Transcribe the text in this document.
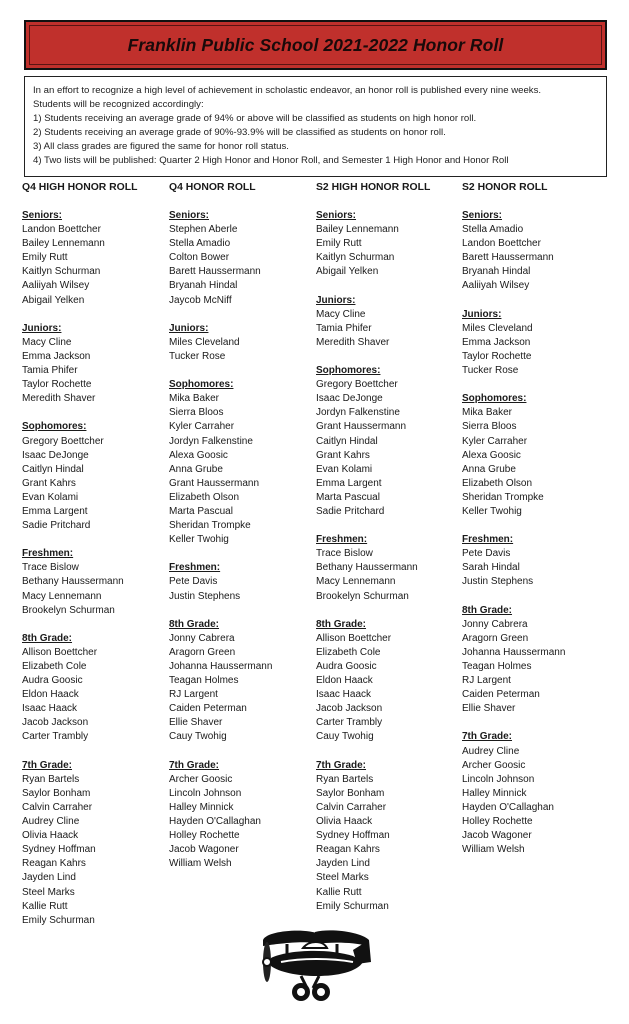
Franklin Public School 2021-2022 Honor Roll

In an effort to recognize a high level of achievement in scholastic endeavor, an honor roll is published every nine weeks.

Students will be recognized accordingly:

1) Students receiving an average grade of 94% or above will be classified as students on high honor roll.

2) Students receiving an average grade of 90%-93.9% will be classified as students on honor roll.

3) All class grades are figured the same for honor roll status.

4) Two lists will be published: Quarter 2 High Honor and Honor Roll, and Semester 1 High Honor and Honor Roll

Q4 HIGH HONOR ROLL
Seniors:
Landon Boettcher
Bailey Lennemann
Emily Rutt
Kaitlyn Schurman
Aaliiyah Wilsey
Abigail Yelken
Juniors:
Macy Cline
Emma Jackson
Tamia Phifer
Taylor Rochette
Meredith Shaver
Sophomores:
Gregory Boettcher
Isaac DeJonge
Caitlyn Hindal
Grant Kahrs
Evan Kolami
Emma Largent
Sadie Pritchard
Freshmen:
Trace Bislow
Bethany Haussermann
Macy Lennemann
Brookelyn Schurman
8th Grade:
Allison Boettcher
Elizabeth Cole
Audra Goosic
Eldon Haack
Isaac Haack
Jacob Jackson
Carter Trambly
7th Grade:
Ryan Bartels
Saylor Bonham
Calvin Carraher
Audrey Cline
Olivia Haack
Sydney Hoffman
Reagan Kahrs
Jayden Lind
Steel Marks
Kallie Rutt
Emily Schurman
Q4 HONOR ROLL
Seniors:
Stephen Aberle
Stella Amadio
Colton Bower
Barett Haussermann
Bryanah Hindal
Jaycob McNiff
Juniors:
Miles Cleveland
Tucker Rose
Sophomores:
Mika Baker
Sierra Bloos
Kyler Carraher
Jordyn Falkenstine
Alexa Goosic
Anna Grube
Grant Haussermann
Elizabeth Olson
Marta Pascual
Sheridan Trompke
Keller Twohig
Freshmen:
Pete Davis
Justin Stephens
8th Grade:
Jonny Cabrera
Aragorn Green
Johanna Haussermann
Teagan Holmes
RJ Largent
Caiden Peterman
Ellie Shaver
Cauy Twohig
7th Grade:
Archer Goosic
Lincoln Johnson
Halley Minnick
Hayden O'Callaghan
Holley Rochette
Jacob Wagoner
William Welsh
S2 HIGH HONOR ROLL
Seniors:
Bailey Lennemann
Emily Rutt
Kaitlyn Schurman
Abigail Yelken
Juniors:
Macy Cline
Tamia Phifer
Meredith Shaver
Sophomores:
Gregory Boettcher
Isaac DeJonge
Jordyn Falkenstine
Grant Haussermann
Caitlyn Hindal
Grant Kahrs
Evan Kolami
Emma Largent
Marta Pascual
Sadie Pritchard
Freshmen:
Trace Bislow
Bethany Haussermann
Macy Lennemann
Brookelyn Schurman
8th Grade:
Allison Boettcher
Elizabeth Cole
Audra Goosic
Eldon Haack
Isaac Haack
Jacob Jackson
Carter Trambly
Cauy Twohig
7th Grade:
Ryan Bartels
Saylor Bonham
Calvin Carraher
Olivia Haack
Sydney Hoffman
Reagan Kahrs
Jayden Lind
Steel Marks
Kallie Rutt
Emily Schurman
S2 HONOR ROLL
Seniors:
Stella Amadio
Landon Boettcher
Barett Haussermann
Bryanah Hindal
Aaliiyah Wilsey
Juniors:
Miles Cleveland
Emma Jackson
Taylor Rochette
Tucker Rose
Sophomores:
Mika Baker
Sierra Bloos
Kyler Carraher
Alexa Goosic
Anna Grube
Elizabeth Olson
Sheridan Trompke
Keller Twohig
Freshmen:
Pete Davis
Sarah Hindal
Justin Stephens
8th Grade:
Jonny Cabrera
Aragorn Green
Johanna Haussermann
Teagan Holmes
RJ Largent
Caiden Peterman
Ellie Shaver
7th Grade:
Audrey Cline
Archer Goosic
Lincoln Johnson
Halley Minnick
Hayden O'Callaghan
Holley Rochette
Jacob Wagoner
William Welsh
